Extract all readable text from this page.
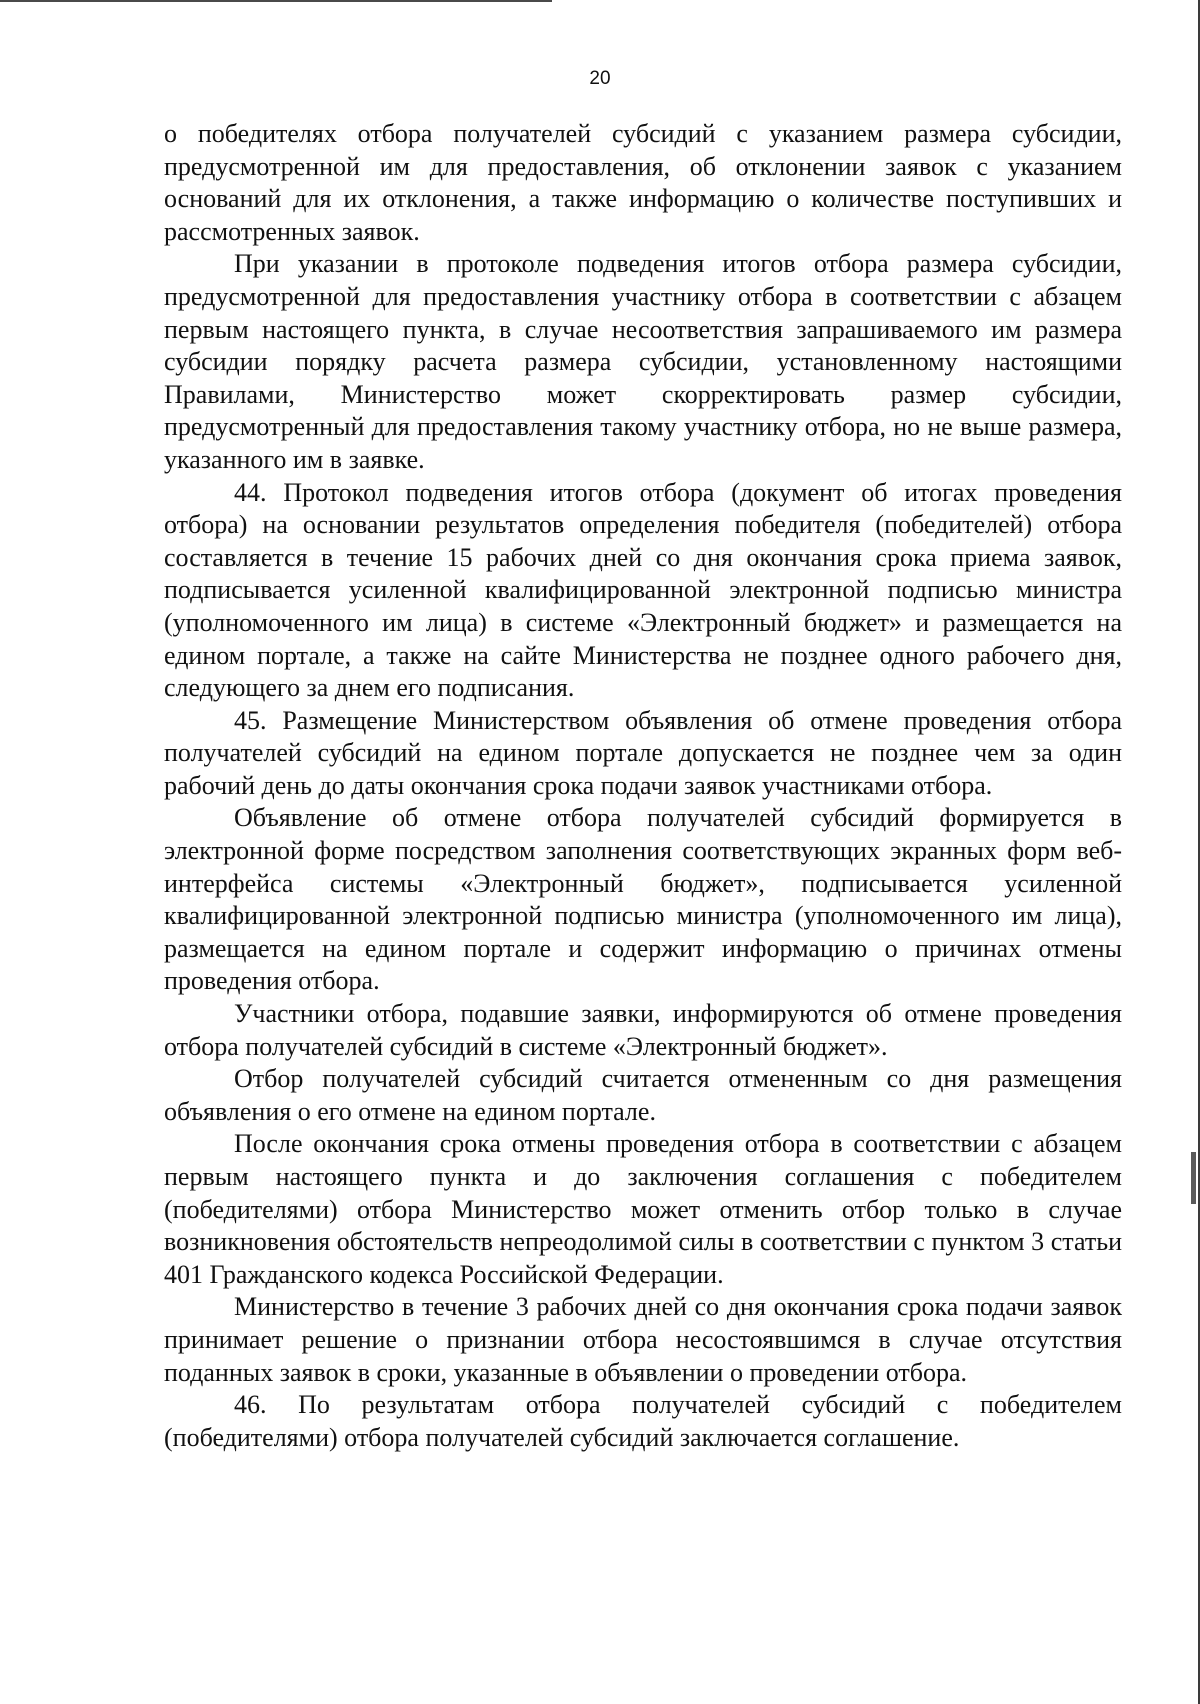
20

о победителях отбора получателей субсидий с указанием размера субсидии, предусмотренной им для предоставления, об отклонении заявок с указанием оснований для их отклонения, а также информацию о количестве поступивших и рассмотренных заявок.

При указании в протоколе подведения итогов отбора размера субсидии, предусмотренной для предоставления участнику отбора в соответствии с абзацем первым настоящего пункта, в случае несоответствия запрашиваемого им размера субсидии порядку расчета размера субсидии, установленному настоящими Правилами, Министерство может скорректировать размер субсидии, предусмотренный для предоставления такому участнику отбора, но не выше размера, указанного им в заявке.

44. Протокол подведения итогов отбора (документ об итогах проведения отбора) на основании результатов определения победителя (победителей) отбора составляется в течение 15 рабочих дней со дня окончания срока приема заявок, подписывается усиленной квалифицированной электронной подписью министра (уполномоченного им лица) в системе «Электронный бюджет» и размещается на едином портале, а также на сайте Министерства не позднее одного рабочего дня, следующего за днем его подписания.

45. Размещение Министерством объявления об отмене проведения отбора получателей субсидий на едином портале допускается не позднее чем за один рабочий день до даты окончания срока подачи заявок участниками отбора.

Объявление об отмене отбора получателей субсидий формируется в электронной форме посредством заполнения соответствующих экранных форм веб-интерфейса системы «Электронный бюджет», подписывается усиленной квалифицированной электронной подписью министра (уполномоченного им лица), размещается на едином портале и содержит информацию о причинах отмены проведения отбора.

Участники отбора, подавшие заявки, информируются об отмене проведения отбора получателей субсидий в системе «Электронный бюджет».

Отбор получателей субсидий считается отмененным со дня размещения объявления о его отмене на едином портале.

После окончания срока отмены проведения отбора в соответствии с абзацем первым настоящего пункта и до заключения соглашения с победителем (победителями) отбора Министерство может отменить отбор только в случае возникновения обстоятельств непреодолимой силы в соответствии с пунктом 3 статьи 401 Гражданского кодекса Российской Федерации.

Министерство в течение 3 рабочих дней со дня окончания срока подачи заявок принимает решение о признании отбора несостоявшимся в случае отсутствия поданных заявок в сроки, указанные в объявлении о проведении отбора.

46. По результатам отбора получателей субсидий с победителем (победителями) отбора получателей субсидий заключается соглашение.
